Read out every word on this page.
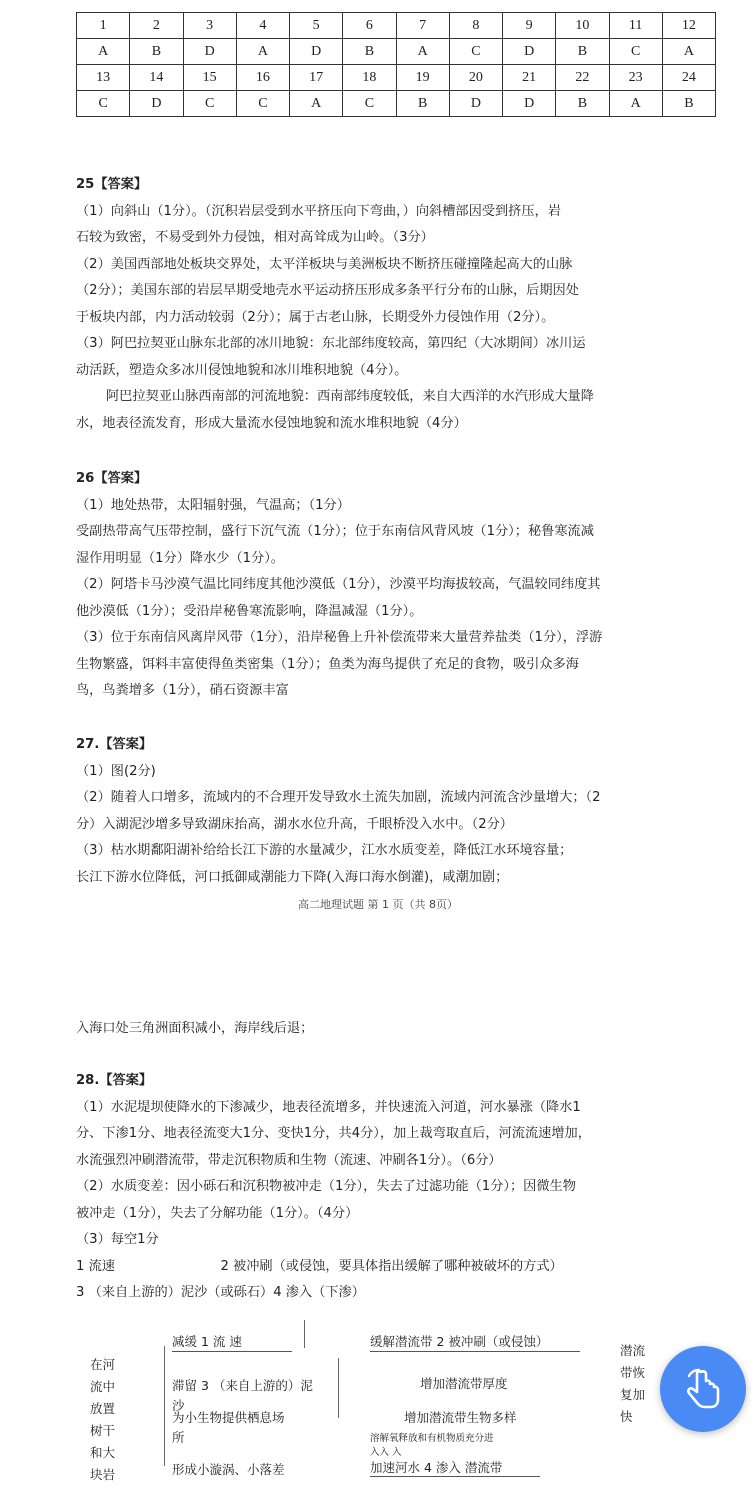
1	2	3	4	5	6	7	8	9	10	11	12
A	B	D	A	D	B	A	C	D	B	C	A
13	14	15	16	17	18	19	20	21	22	23	24
C	D	C	C	A	C	B	D	D	B	A	B

25【答案】

（1）向斜山（1分）。（沉积岩层受到水平挤压向下弯曲，）向斜槽部因受到挤压，岩

石较为致密，不易受到外力侵蚀，相对高耸成为山岭。（3分）

（2）美国西部地处板块交界处，太平洋板块与美洲板块不断挤压碰撞隆起高大的山脉

（2分）；美国东部的岩层早期受地壳水平运动挤压形成多条平行分布的山脉，后期因处

于板块内部，内力活动较弱（2分）；属于古老山脉，长期受外力侵蚀作用（2分）。

（3）阿巴拉契亚山脉东北部的冰川地貌：东北部纬度较高，第四纪（大冰期间）冰川运

动活跃，塑造众多冰川侵蚀地貌和冰川堆积地貌（4分）。

阿巴拉契亚山脉西南部的河流地貌：西南部纬度较低，来自大西洋的水汽形成大量降

水，地表径流发育，形成大量流水侵蚀地貌和流水堆积地貌（4分）

26【答案】

（1）地处热带，太阳辐射强，气温高；（1分）

受副热带高气压带控制，盛行下沉气流（1分）；位于东南信风背风坡（1分）；秘鲁寒流减

湿作用明显（1分）降水少（1分）。

（2）阿塔卡马沙漠气温比同纬度其他沙漠低（1分），沙漠平均海拔较高，气温较同纬度其

他沙漠低（1分）；受沿岸秘鲁寒流影响，降温减湿（1分）。

（3）位于东南信风离岸风带（1分），沿岸秘鲁上升补偿流带来大量营养盐类（1分），浮游

生物繁盛，饵料丰富使得鱼类密集（1分）；鱼类为海鸟提供了充足的食物，吸引众多海

鸟，鸟粪增多（1分），硝石资源丰富

27.【答案】

（1）图(2分)

（2）随着人口增多，流域内的不合理开发导致水土流失加剧，流域内河流含沙量增大；（2

分）入湖泥沙增多导致湖床抬高，湖水水位升高，千眼桥没入水中。（2分）

（3）枯水期鄱阳湖补给给长江下游的水量减少，江水水质变差，降低江水环境容量；

长江下游水位降低，河口抵御咸潮能力下降(入海口海水倒灌)，咸潮加剧；

高二地理试题 第 1 页（共 8页）
入海口处三角洲面积减小，海岸线后退；

28.【答案】

（1）水泥堤坝使降水的下渗减少，地表径流增多，并快速流入河道，河水暴涨（降水1

分、下渗1分、地表径流变大1分、变快1分，共4分），加上裁弯取直后，河流流速增加，

水流强烈冲刷潜流带，带走沉积物质和生物（流速、冲刷各1分）。（6分）

（2）水质变差：因小砾石和沉积物被冲走（1分），失去了过滤功能（1分）；因微生物

被冲走（1分），失去了分解功能（1分）。（4分）

（3）每空1分

1 流速　　　　　　　　2 被冲刷（或侵蚀，要具体指出缓解了哪种被破坏的方式）

3 （来自上游的）泥沙（或砾石）4 渗入（下渗）

在河
流中
放置
树干
和大
块岩
减缓 1 流 速
滞留 3 （来自上游的）泥
沙
为小生物提供栖息场
所
形成小漩涡、小落差
缓解潜流带 2 被冲刷（或侵蚀）
增加潜流带厚度
增加潜流带生物多样
溶解氧释放和有机物质充分进
入入 入
加速河水 4 渗入 潜流带
潜流
带恢
复加
快
